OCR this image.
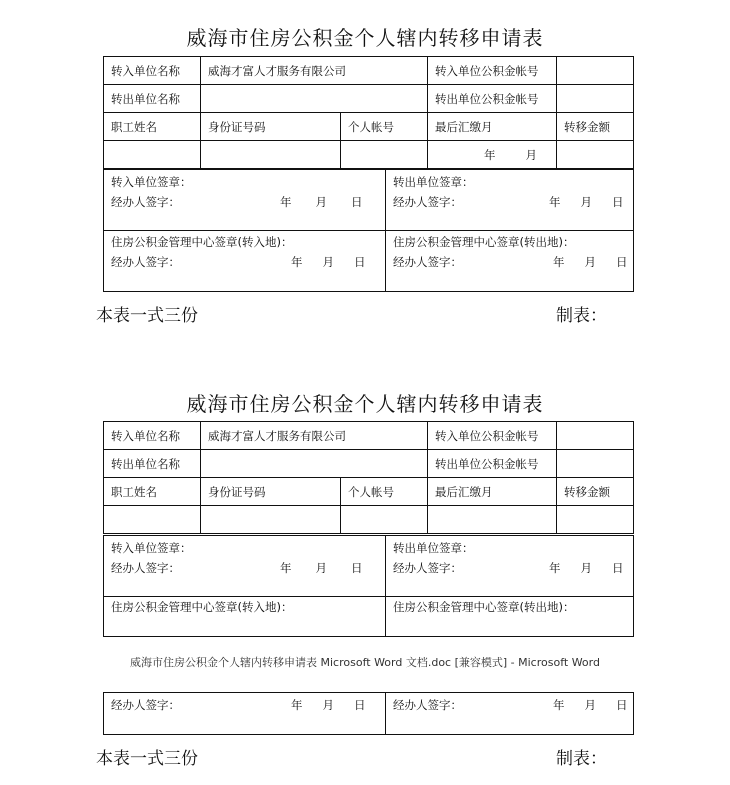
威海市住房公积金个人辖内转移申请表
转入单位名称	威海才富人才服务有限公司		转入单位公积金帐号	
转出单位名称			转出单位公积金帐号	
职工姓名	身份证号码	个人帐号	最后汇缴月	转移金额
			年 月	
转入单位签章：
经办人签字：	年 月 日
转出单位签章：
经办人签字：	年 月 日
住房公积金管理中心签章(转入地)：
经办人签字：	年 月 日
住房公积金管理中心签章(转出地)：
经办人签字：	年 月 日
本表一式三份	制表：
威海市住房公积金个人辖内转移申请表
转入单位名称	威海才富人才服务有限公司		转入单位公积金帐号	
转出单位名称			转出单位公积金帐号	
职工姓名	身份证号码	个人帐号	最后汇缴月	转移金额

转入单位签章：
经办人签字：	年 月 日
转出单位签章：
经办人签字：	年 月 日
住房公积金管理中心签章(转入地)：	住房公积金管理中心签章(转出地)：
威海市住房公积金个人辖内转移申请表 Microsoft Word 文档.doc [兼容模式] - Microsoft Word
经办人签字：	年 月 日 经办人签字：	年 月 日
本表一式三份	制表：
